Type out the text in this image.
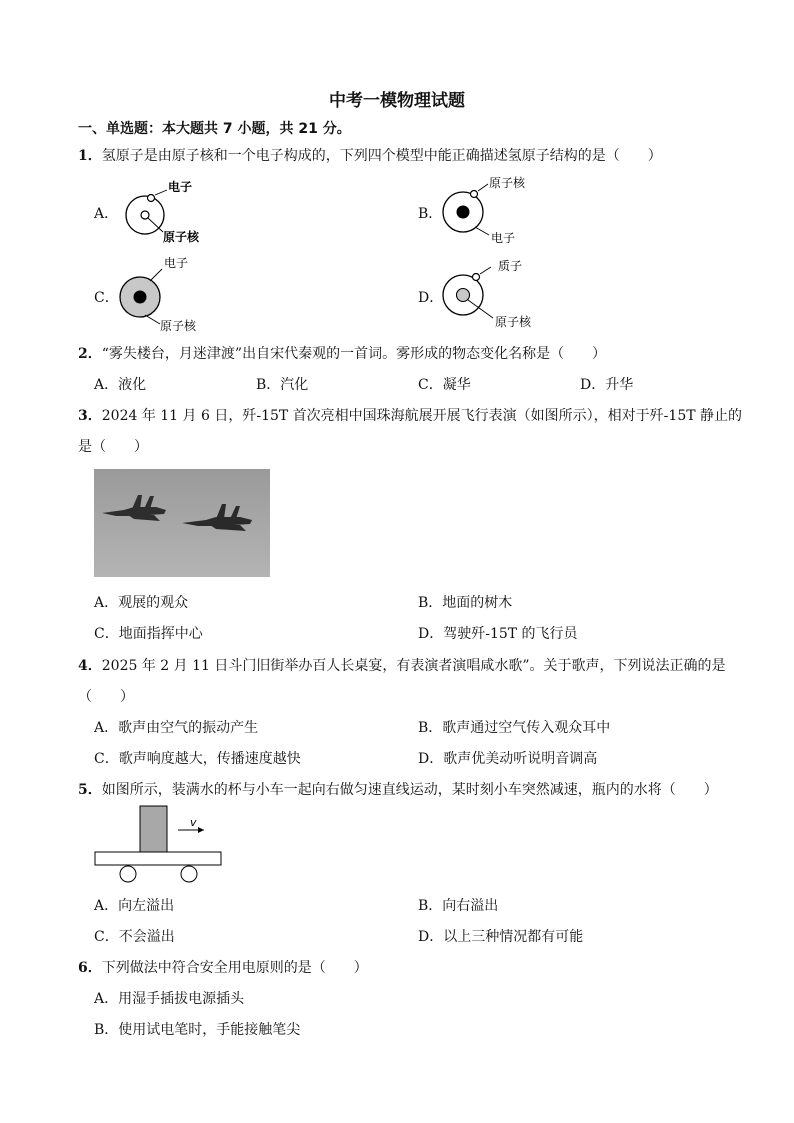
中考一模物理试题
一、单选题：本大题共 7 小题，共 21 分。
1．氢原子是由原子核和一个电子构成的，下列四个模型中能正确描述氢原子结构的是（　　）
A．
电子
原子核
B．
原子核
电子
C．
电子
原子核
D．
质子
原子核
2．“雾失楼台，月迷津渡”出自宋代秦观的一首词。雾形成的物态变化名称是（　　）
A．液化	B．汽化	C．凝华	D．升华
3．2024 年 11 月 6 日，歼-15T 首次亮相中国珠海航展开展飞行表演（如图所示），相对于歼-15T 静止的
是（　　）
A．观展的观众	B．地面的树木
C．地面指挥中心	D．驾驶歼-15T 的飞行员
4．2025 年 2 月 11 日斗门旧街举办百人长桌宴，有表演者演唱咸水歌”。关于歌声，下列说法正确的是
（　　）
A．歌声由空气的振动产生	B．歌声通过空气传入观众耳中
C．歌声响度越大，传播速度越快	D．歌声优美动听说明音调高
5．如图所示，装满水的杯与小车一起向右做匀速直线运动，某时刻小车突然减速，瓶内的水将（　　）
v
A．向左溢出	B．向右溢出
C．不会溢出	D．以上三种情况都有可能
6．下列做法中符合安全用电原则的是（　　）
A．用湿手插拔电源插头
B．使用试电笔时，手能接触笔尖
